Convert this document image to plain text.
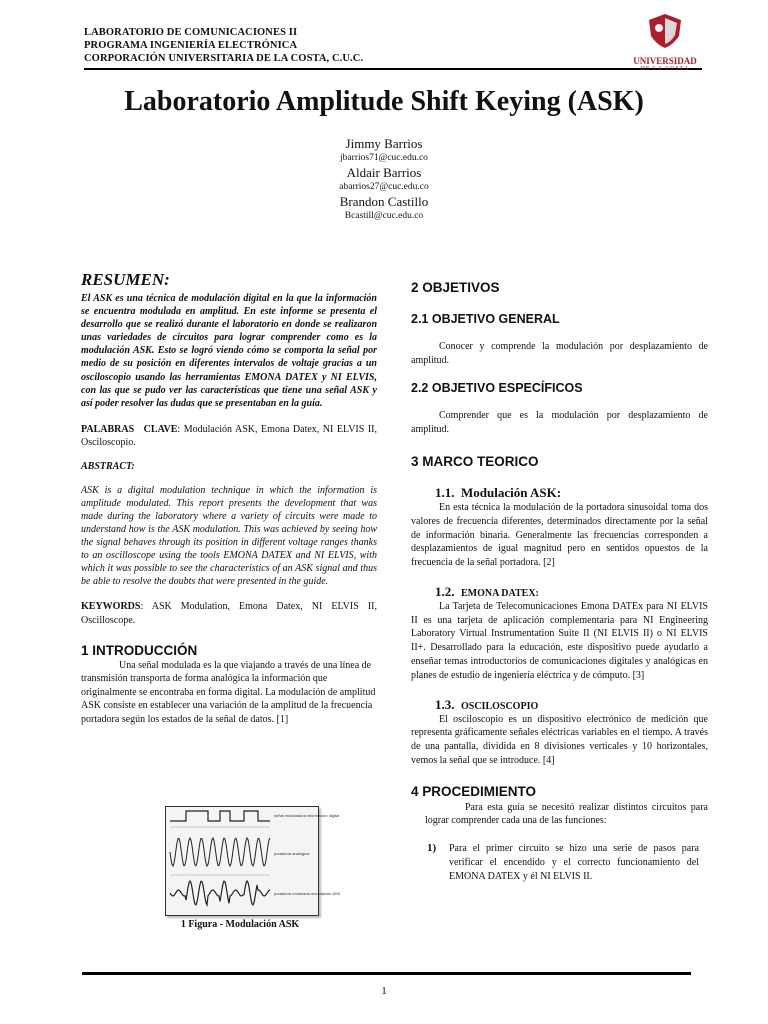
LABORATORIO DE COMUNICACIONES II
PROGRAMA INGENIERÍA ELECTRÓNICA
CORPORACIÓN UNIVERSITARIA DE LA COSTA, C.U.C.	UNIVERSIDAD
DE LA COSTA
Laboratorio Amplitude Shift Keying (ASK)
Jimmy Barrios
jbarrios71@cuc.edu.co
Aldair Barrios
abarrios27@cuc.edu.co
Brandon Castillo
Bcastill@cuc.edu.co
RESUMEN:

El ASK es una técnica de modulación digital en la que la información se encuentra modulada en amplitud. En este informe se presenta el desarrollo que se realizó durante el laboratorio en donde se realizaron unas variedades de circuitos para lograr comprender como es la modulación ASK. Esto se logró viendo cómo se comporta la señal por medio de su posición en diferentes intervalos de voltaje gracias a un osciloscopio usando las herramientas EMONA DATEX y NI ELVIS, con las que se pudo ver las características que tiene una señal ASK y así poder resolver las dudas que se presentaban en la guía.

PALABRAS CLAVE: Modulación ASK, Emona Datex, NI ELVIS II, Osciloscopio.

ABSTRACT:

ASK is a digital modulation technique in which the information is amplitude modulated. This report presents the development that was made during the laboratory where a variety of circuits were made to understand how is the ASK modulation. This was achieved by seeing how the signal behaves through its position in different voltage ranges thanks to an oscilloscope using the tools EMONA DATEX and NI ELVIS, with which it was possible to see the characteristics of an ASK signal and thus be able to resolve the doubts that were presented in the guide.

KEYWORDS: ASK Modulation, Emona Datex, NI ELVIS II, Oscilloscope.

1 INTRODUCCIÓN

Una señal modulada es la que viajando a través de una línea de transmisión transporta de forma analógica la información que originalmente se encontraba en forma digital. La modulación de amplitud ASK consiste en establecer una variación de la amplitud de la frecuencia portadora según los estados de la señal de datos. [1]

señal moduladora información digital
portadora analógica
portadora modulada modulación ASK
1 Figura - Modulación ASK
2 OBJETIVOS
2.1 OBJETIVO GENERAL

Conocer y comprende la modulación por desplazamiento de amplitud.

2.2 OBJETIVO ESPECÍFICOS

Comprender que es la modulación por desplazamiento de amplitud.

3 MARCO TEORICO
1.1. Modulación ASK:

En esta técnica la modulación de la portadora sinusoidal toma dos valores de frecuencia diferentes, determinados directamente por la señal de información binaria. Generalmente las frecuencias corresponden a desplazamientos de igual magnitud pero en sentidos opuestos de la frecuencia de la señal portadora. [2]

1.2. EMONA DATEX:

La Tarjeta de Telecomunicaciones Emona DATEx para NI ELVIS II es una tarjeta de aplicación complementaria para NI Engineering Laboratory Virtual Instrumentation Suite II (NI ELVIS II) o NI ELVIS II+. Desarrollado para la educación, este dispositivo puede ayudarlo a enseñar temas introductorios de comunicaciones digitales y analógicas en planes de estudio de ingeniería eléctrica y de cómputo. [3]

1.3. OSCILOSCOPIO

El osciloscopio es un dispositivo electrónico de medición que representa gráficamente señales eléctricas variables en el tiempo. A través de una pantalla, dividida en 8 divisiones verticales y 10 horizontales, vemos la señal que se introduce. [4]

4 PROCEDIMIENTO

Para esta guía se necesitó realizar distintos circuitos para lograr comprender cada una de las funciones:

1)	Para el primer circuito se hizo una serie de pasos para verificar el encendido y el correcto funcionamiento del EMONA DATEX y él NI ELVIS II.

1
